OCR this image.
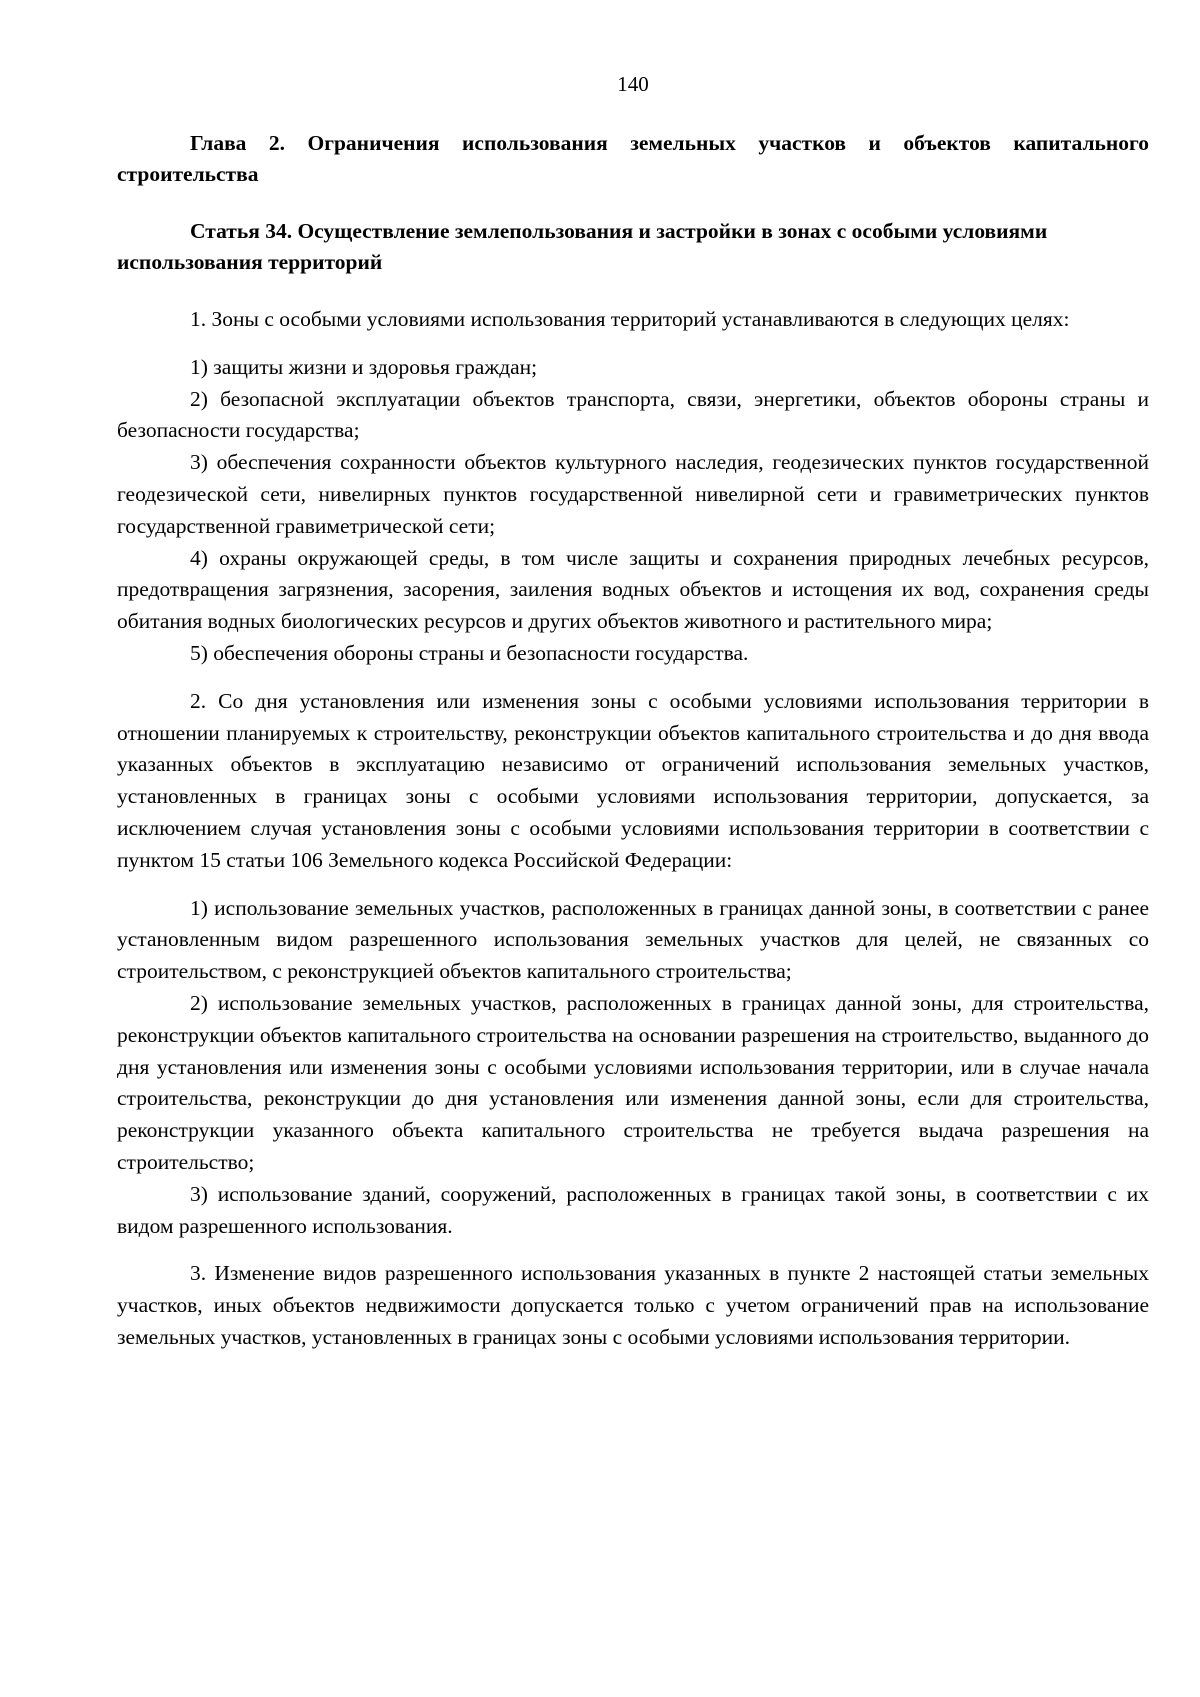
140

Глава 2. Ограничения использования земельных участков и объектов капитального строительства

Статья 34. Осуществление землепользования и застройки в зонах с особыми условиями использования территорий

1. Зоны с особыми условиями использования территорий устанавливаются в следующих целях:

1) защиты жизни и здоровья граждан;

2) безопасной эксплуатации объектов транспорта, связи, энергетики, объектов обороны страны и безопасности государства;

3) обеспечения сохранности объектов культурного наследия, геодезических пунктов государственной геодезической сети, нивелирных пунктов государственной нивелирной сети и гравиметрических пунктов государственной гравиметрической сети;

4) охраны окружающей среды, в том числе защиты и сохранения природных лечебных ресурсов, предотвращения загрязнения, засорения, заиления водных объектов и истощения их вод, сохранения среды обитания водных биологических ресурсов и других объектов животного и растительного мира;

5) обеспечения обороны страны и безопасности государства.

2. Со дня установления или изменения зоны с особыми условиями использования территории в отношении планируемых к строительству, реконструкции объектов капитального строительства и до дня ввода указанных объектов в эксплуатацию независимо от ограничений использования земельных участков, установленных в границах зоны с особыми условиями использования территории, допускается, за исключением случая установления зоны с особыми условиями использования территории в соответствии с пунктом 15 статьи 106 Земельного кодекса Российской Федерации:

1) использование земельных участков, расположенных в границах данной зоны, в соответствии с ранее установленным видом разрешенного использования земельных участков для целей, не связанных со строительством, с реконструкцией объектов капитального строительства;

2) использование земельных участков, расположенных в границах данной зоны, для строительства, реконструкции объектов капитального строительства на основании разрешения на строительство, выданного до дня установления или изменения зоны с особыми условиями использования территории, или в случае начала строительства, реконструкции до дня установления или изменения данной зоны, если для строительства, реконструкции указанного объекта капитального строительства не требуется выдача разрешения на строительство;

3) использование зданий, сооружений, расположенных в границах такой зоны, в соответствии с их видом разрешенного использования.

3. Изменение видов разрешенного использования указанных в пункте 2 настоящей статьи земельных участков, иных объектов недвижимости допускается только с учетом ограничений прав на использование земельных участков, установленных в границах зоны с особыми условиями использования территории.
